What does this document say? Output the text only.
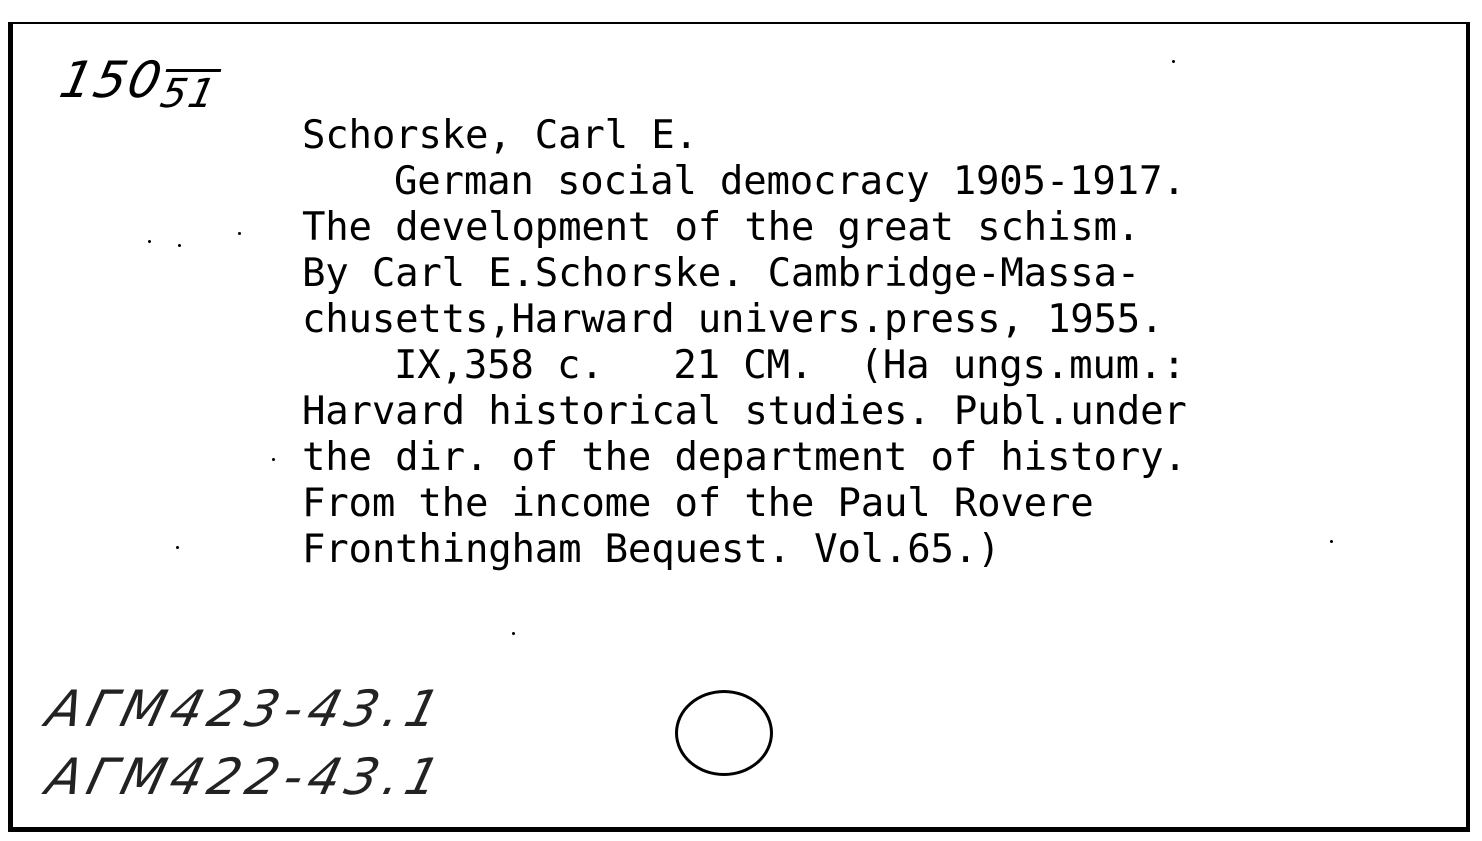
15051
Schorske, Carl E.
German social democracy 1905-1917.
The development of the great schism.
By Carl E.Schorske. Cambridge-Massa-
chusetts,Harward univers.press, 1955.
IX,358 c.   21 CM.  (Ha ungs.mum.:
Harvard historical studies. Publ.under
the dir. of the department of history.
From the income of the Paul Rovere
Fronthingham Bequest. Vol.65.)
AΓM423-43.1
AΓM422-43.1
